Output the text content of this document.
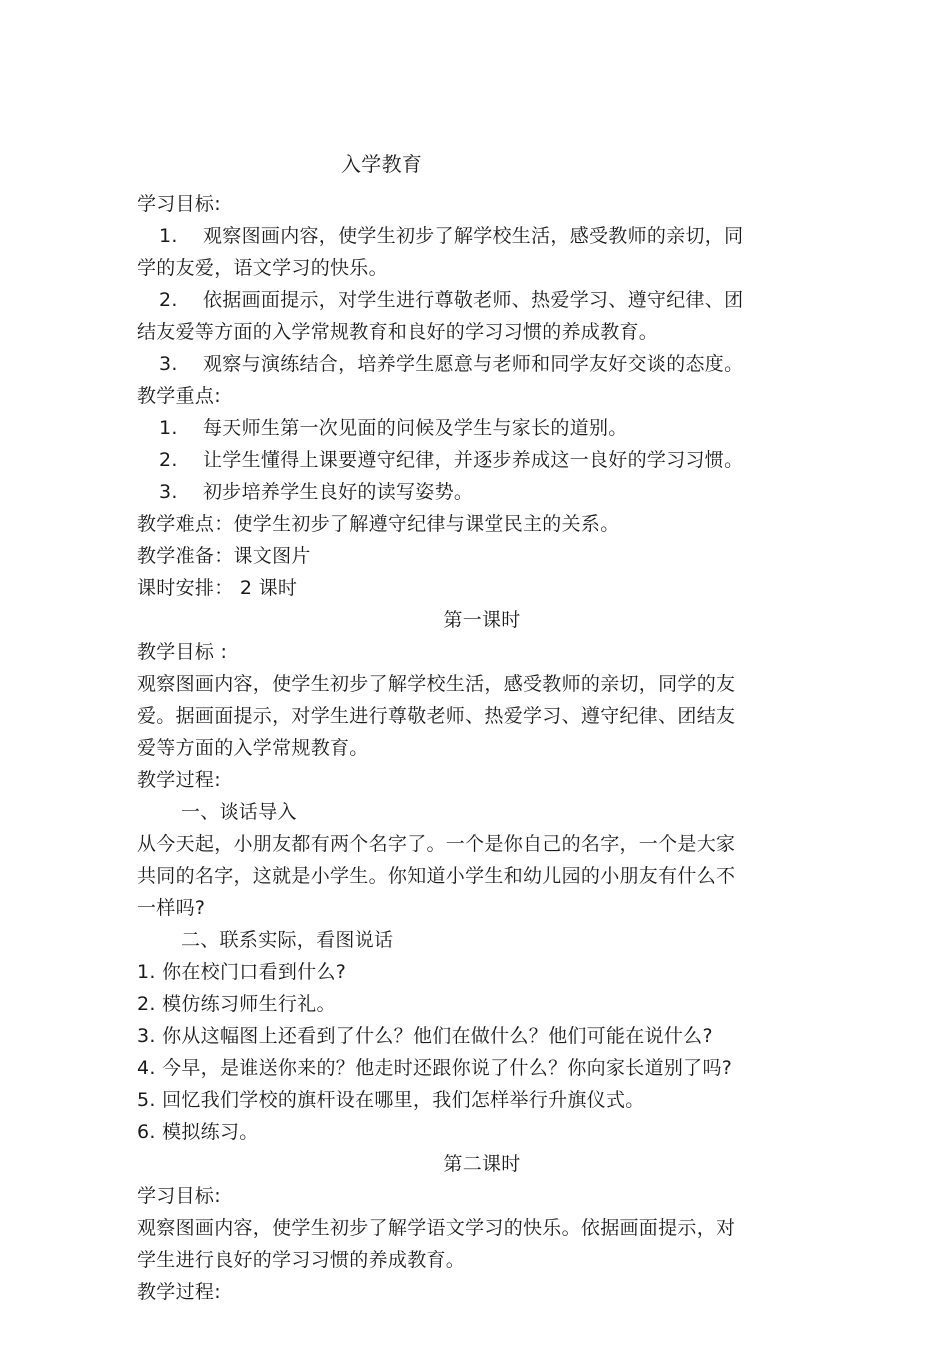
入学教育
学习目标:
1.	观察图画内容，使学生初步了解学校生活，感受教师的亲切，同
学的友爱，语文学习的快乐。
2.	依据画面提示，对学生进行尊敬老师、热爱学习、遵守纪律、团
结友爱等方面的入学常规教育和良好的学习习惯的养成教育。
3.	观察与演练结合，培养学生愿意与老师和同学友好交谈的态度。
教学重点:
1.	每天师生第一次见面的问候及学生与家长的道别。
2.	让学生懂得上课要遵守纪律，并逐步养成这一良好的学习习惯。
3.	初步培养学生良好的读写姿势。
教学难点：使学生初步了解遵守纪律与课堂民主的关系。
教学准备：课文图片
课时安排： 2 课时
第一课时
教学目标 :
观察图画内容，使学生初步了解学校生活，感受教师的亲切，同学的友
爱。据画面提示，对学生进行尊敬老师、热爱学习、遵守纪律、团结友
爱等方面的入学常规教育。
教学过程:
一、谈话导入
从今天起，小朋友都有两个名字了。一个是你自己的名字，一个是大家
共同的名字，这就是小学生。你知道小学生和幼儿园的小朋友有什么不
一样吗?
二、联系实际，看图说话
1. 你在校门口看到什么?
2. 模仿练习师生行礼。
3. 你从这幅图上还看到了什么？他们在做什么？他们可能在说什么?
4. 今早，是谁送你来的？他走时还跟你说了什么？你向家长道别了吗?
5. 回忆我们学校的旗杆设在哪里，我们怎样举行升旗仪式。
6. 模拟练习。
第二课时
学习目标:
观察图画内容，使学生初步了解学语文学习的快乐。依据画面提示，对
学生进行良好的学习习惯的养成教育。
教学过程:
